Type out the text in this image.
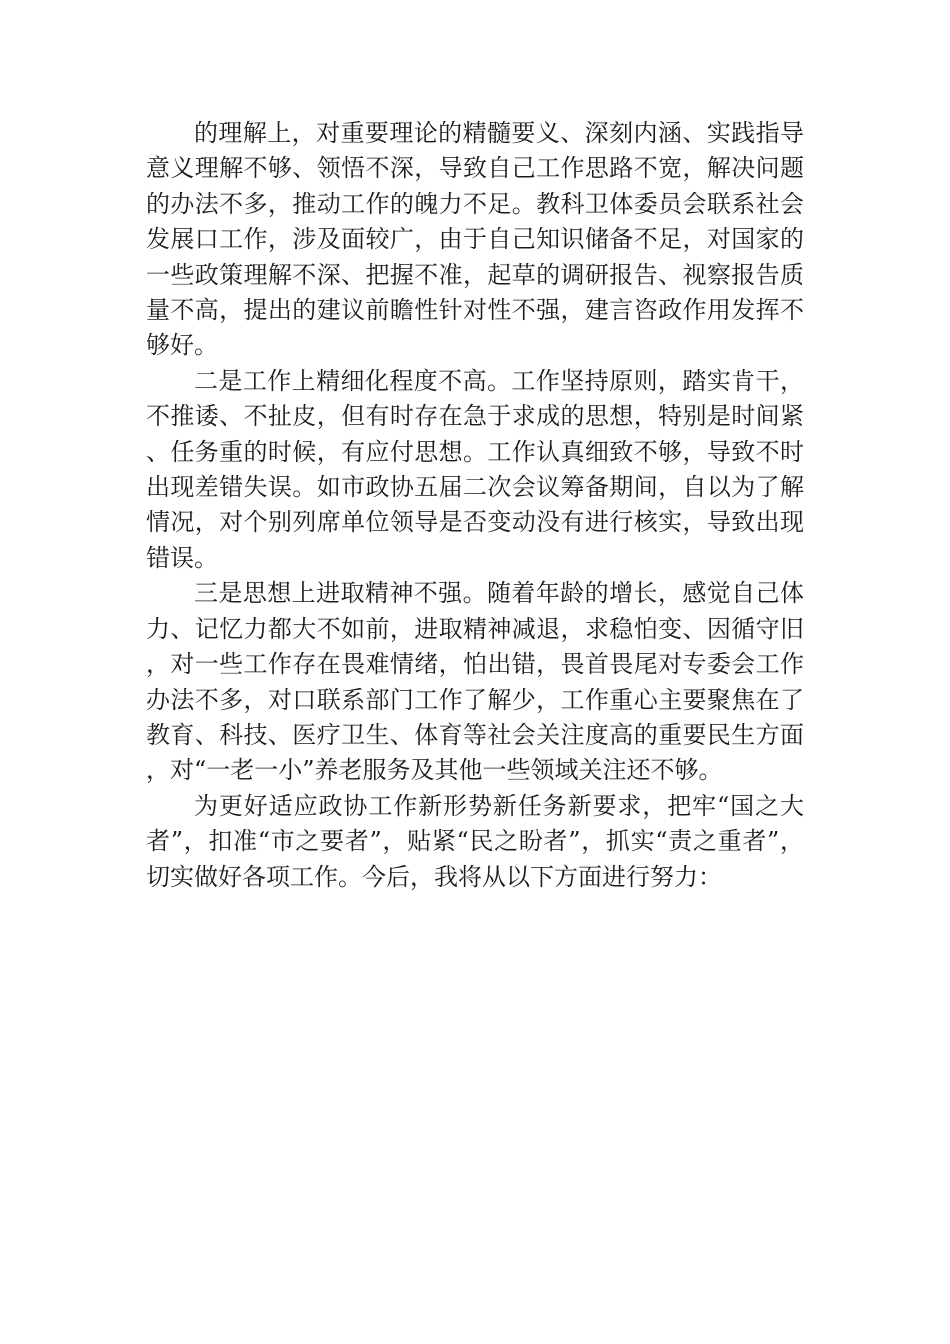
的理解上，对重要理论的精髓要义、深刻内涵、实践指导意义理解不够、领悟不深，导致自己工作思路不宽，解决问题的办法不多，推动工作的魄力不足。教科卫体委员会联系社会发展口工作，涉及面较广，由于自己知识储备不足，对国家的一些政策理解不深、把握不准，起草的调研报告、视察报告质量不高，提出的建议前瞻性针对性不强，建言咨政作用发挥不够好。

二是工作上精细化程度不高。工作坚持原则，踏实肯干，不推诿、不扯皮，但有时存在急于求成的思想，特别是时间紧、任务重的时候，有应付思想。工作认真细致不够，导致不时出现差错失误。如市政协五届二次会议筹备期间，自以为了解情况，对个别列席单位领导是否变动没有进行核实，导致出现错误。

三是思想上进取精神不强。随着年龄的增长，感觉自己体力、记忆力都大不如前，进取精神减退，求稳怕变、因循守旧，对一些工作存在畏难情绪，怕出错，畏首畏尾对专委会工作办法不多，对口联系部门工作了解少，工作重心主要聚焦在了教育、科技、医疗卫生、体育等社会关注度高的重要民生方面，对“一老一小”养老服务及其他一些领域关注还不够。

为更好适应政协工作新形势新任务新要求，把牢“国之大者”，扣准“市之要者”，贴紧“民之盼者”，抓实“责之重者”，切实做好各项工作。今后，我将从以下方面进行努力：
